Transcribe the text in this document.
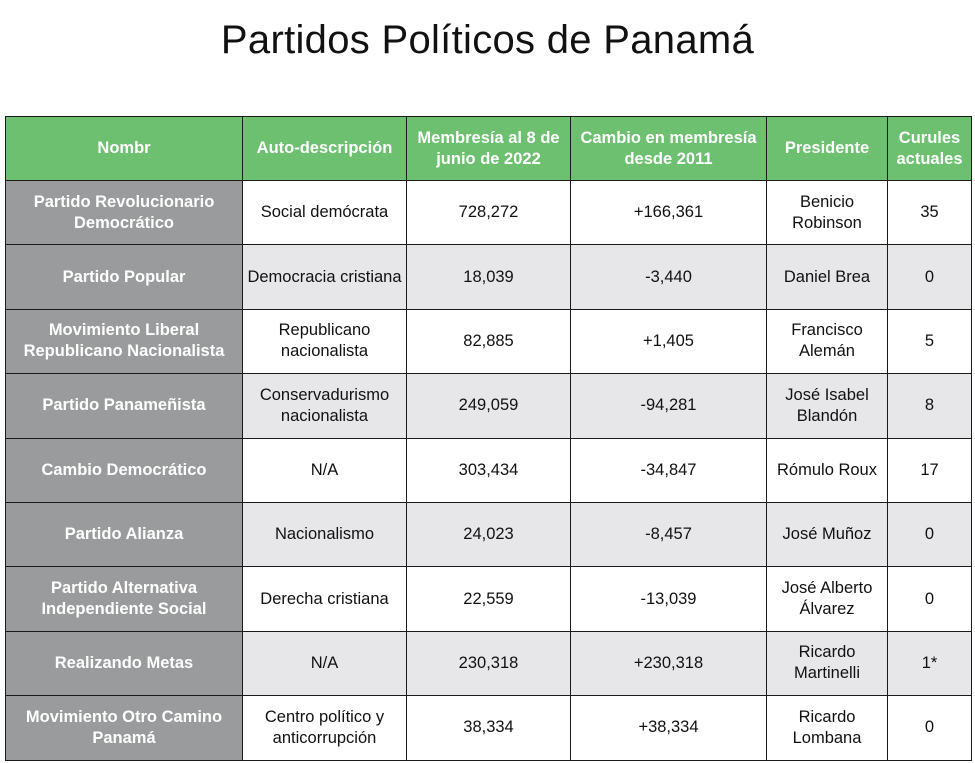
Partidos Políticos de Panamá
Nombr	Auto-descripción	Membresía al 8 de junio de 2022	Cambio en membresía desde 2011	Presidente	Curules actuales
Partido Revolucionario Democrático	Social demócrata	728,272	+166,361	Benicio Robinson	35
Partido Popular	Democracia cristiana	18,039	-3,440	Daniel Brea	0
Movimiento Liberal Republicano Nacionalista	Republicano nacionalista	82,885	+1,405	Francisco Alemán	5
Partido Panameñista	Conservadurismo nacionalista	249,059	-94,281	José Isabel Blandón	8
Cambio Democrático	N/A	303,434	-34,847	Rómulo Roux	17
Partido Alianza	Nacionalismo	24,023	-8,457	José Muñoz	0
Partido Alternativa Independiente Social	Derecha cristiana	22,559	-13,039	José Alberto Álvarez	0
Realizando Metas	N/A	230,318	+230,318	Ricardo Martinelli	1*
Movimiento Otro Camino Panamá	Centro político y anticorrupción	38,334	+38,334	Ricardo Lombana	0
